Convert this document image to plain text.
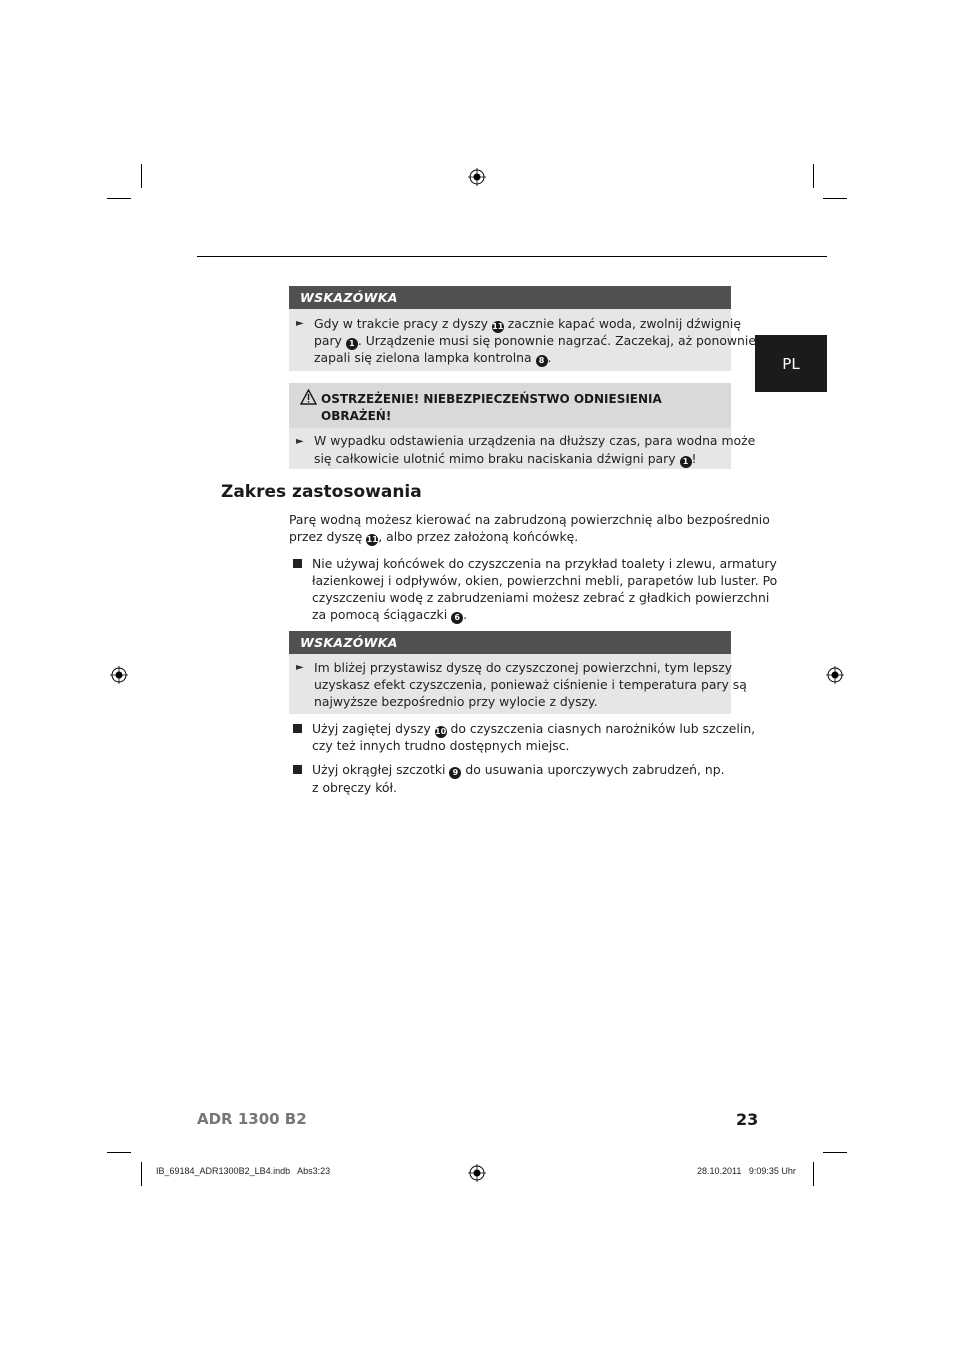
PL
WSKAZÓWKA
► Gdy w trakcie pracy z dyszy 11 zacznie kapać woda, zwolnij dźwignię
pary 1 . Urządzenie musi się ponownie nagrzać. Zaczekaj, aż ponownie
zapali się zielona lampka kontrolna 8 .
OSTRZEŻENIE! NIEBEZPIECZEŃSTWO ODNIESIENIA
OBRAŻEŃ!
► W wypadku odstawienia urządzenia na dłuższy czas, para wodna może
się całkowicie ulotnić mimo braku naciskania dźwigni pary 1 !
Zakres zastosowania
Parę wodną możesz kierować na zabrudzoną powierzchnię albo bezpośrednio
przez dyszę 11, albo przez założoną końcówkę.
Nie używaj końcówek do czyszczenia na przykład toalety i zlewu, armatury
łazienkowej i odpływów, okien, powierzchni mebli, parapetów lub luster. Po
czyszczeniu wodę z zabrudzeniami możesz zebrać z gładkich powierzchni
za pomocą ściągaczki 6 .
WSKAZÓWKA
► Im bliżej przystawisz dyszę do czyszczonej powierzchni, tym lepszy
uzyskasz efekt czyszczenia, ponieważ ciśnienie i temperatura pary są
najwyższe bezpośrednio przy wylocie z dyszy.
Użyj zagiętej dyszy 10 do czyszczenia ciasnych narożników lub szczelin,
czy też innych trudno dostępnych miejsc.
Użyj okrągłej szczotki 9 do usuwania uporczywych zabrudzeń, np.
z obręczy kół.
ADR 1300 B2	23
IB_69184_ADR1300B2_LB4.indb   Abs3:23	28.10.2011   9:09:35 Uhr
